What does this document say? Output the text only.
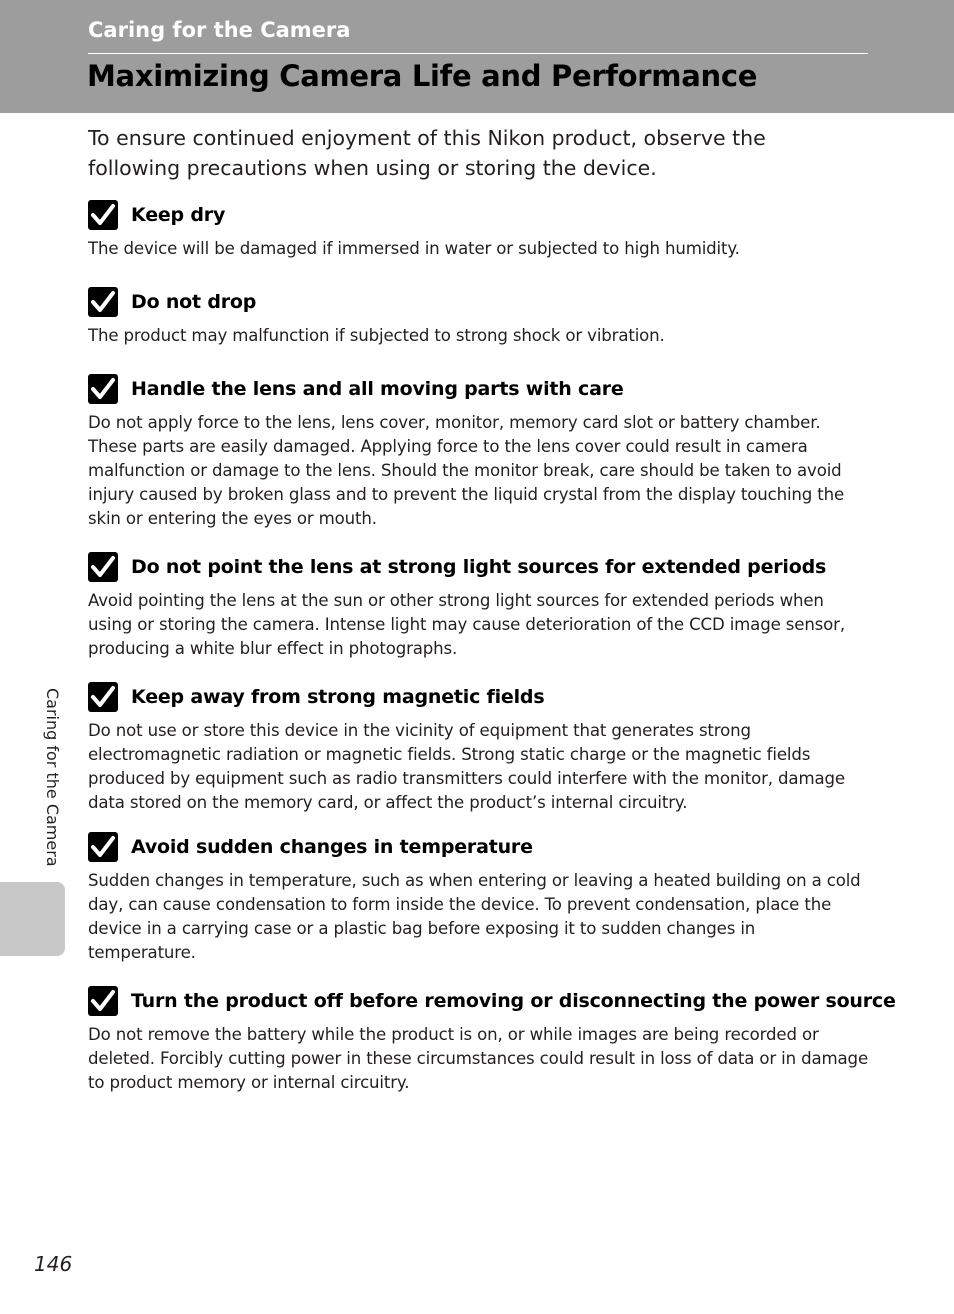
Caring for the Camera
Maximizing Camera Life and Performance
To ensure continued enjoyment of this Nikon product, observe the following precautions when using or storing the device.
Keep dry
The device will be damaged if immersed in water or subjected to high humidity.
Do not drop
The product may malfunction if subjected to strong shock or vibration.
Handle the lens and all moving parts with care
Do not apply force to the lens, lens cover, monitor, memory card slot or battery chamber. These parts are easily damaged. Applying force to the lens cover could result in camera malfunction or damage to the lens. Should the monitor break, care should be taken to avoid injury caused by broken glass and to prevent the liquid crystal from the display touching the skin or entering the eyes or mouth.
Do not point the lens at strong light sources for extended periods
Avoid pointing the lens at the sun or other strong light sources for extended periods when using or storing the camera. Intense light may cause deterioration of the CCD image sensor, producing a white blur effect in photographs.
Keep away from strong magnetic fields
Do not use or store this device in the vicinity of equipment that generates strong electromagnetic radiation or magnetic fields. Strong static charge or the magnetic fields produced by equipment such as radio transmitters could interfere with the monitor, damage data stored on the memory card, or affect the product’s internal circuitry.
Avoid sudden changes in temperature
Sudden changes in temperature, such as when entering or leaving a heated building on a cold day, can cause condensation to form inside the device. To prevent condensation, place the device in a carrying case or a plastic bag before exposing it to sudden changes in temperature.
Turn the product off before removing or disconnecting the power source
Do not remove the battery while the product is on, or while images are being recorded or deleted. Forcibly cutting power in these circumstances could result in loss of data or in damage to product memory or internal circuitry.
Caring for the Camera
146
